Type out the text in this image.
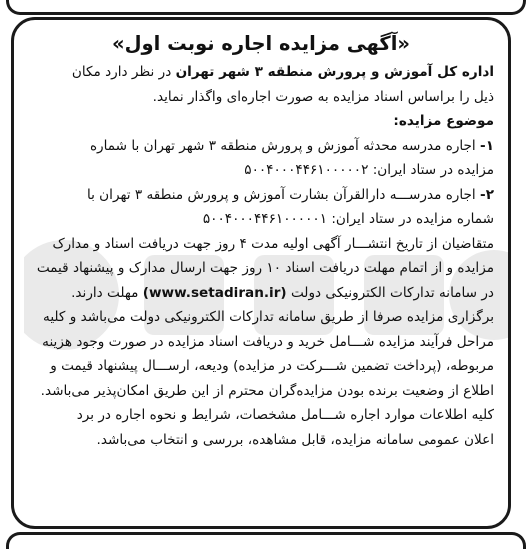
«آگهی مزایده اجاره نوبت اول»
اداره کل آموزش و پرورش منطقه ۳ شهر تهران در نظر دارد مکان
ذیل را براساس اسناد مزایده به صورت اجاره‌ای واگذار نماید.
موضوع مزایده:
۱- اجاره مدرسه محدثه آموزش و پرورش منطقه ۳ شهر تهران با شماره
مزایده در ستاد ایران: ۵۰۰۴۰۰۰۴۴۶۱۰۰۰۰۰۲
۲- اجاره مدرســـه دارالقرآن بشارت آموزش و پرورش منطقه ۳ تهران با
شماره مزایده در ستاد ایران: ۵۰۰۴۰۰۰۴۴۶۱۰۰۰۰۰۱
متقاضیان از تاریخ انتشـــار آگهی اولیه مدت ۴ روز جهت دریافت اسناد و مدارک
مزایده و از اتمام مهلت دریافت اسناد ۱۰ روز جهت ارسال مدارک و پیشنهاد قیمت
در سامانه تدارکات الکترونیکی دولت (www.setadiran.ir) مهلت دارند.
برگزاری مزایده صرفا از طریق سامانه تدارکات الکترونیکی دولت می‌باشد و کلیه
مراحل فرآیند مزایده شـــامل خرید و دریافت اسناد مزایده در صورت وجود هزینه
مربوطه، (پرداخت تضمین شـــرکت در مزایده) ودیعه، ارســـال پیشنهاد قیمت و
اطلاع از وضعیت برنده بودن مزایده‌گران محترم از این طریق امکان‌پذیر می‌باشد.
کلیه اطلاعات موارد اجاره شـــامل مشخصات، شرایط و نحوه اجاره در برد
اعلان عمومی سامانه مزایده، قابل مشاهده، بررسی و انتخاب می‌باشد.
